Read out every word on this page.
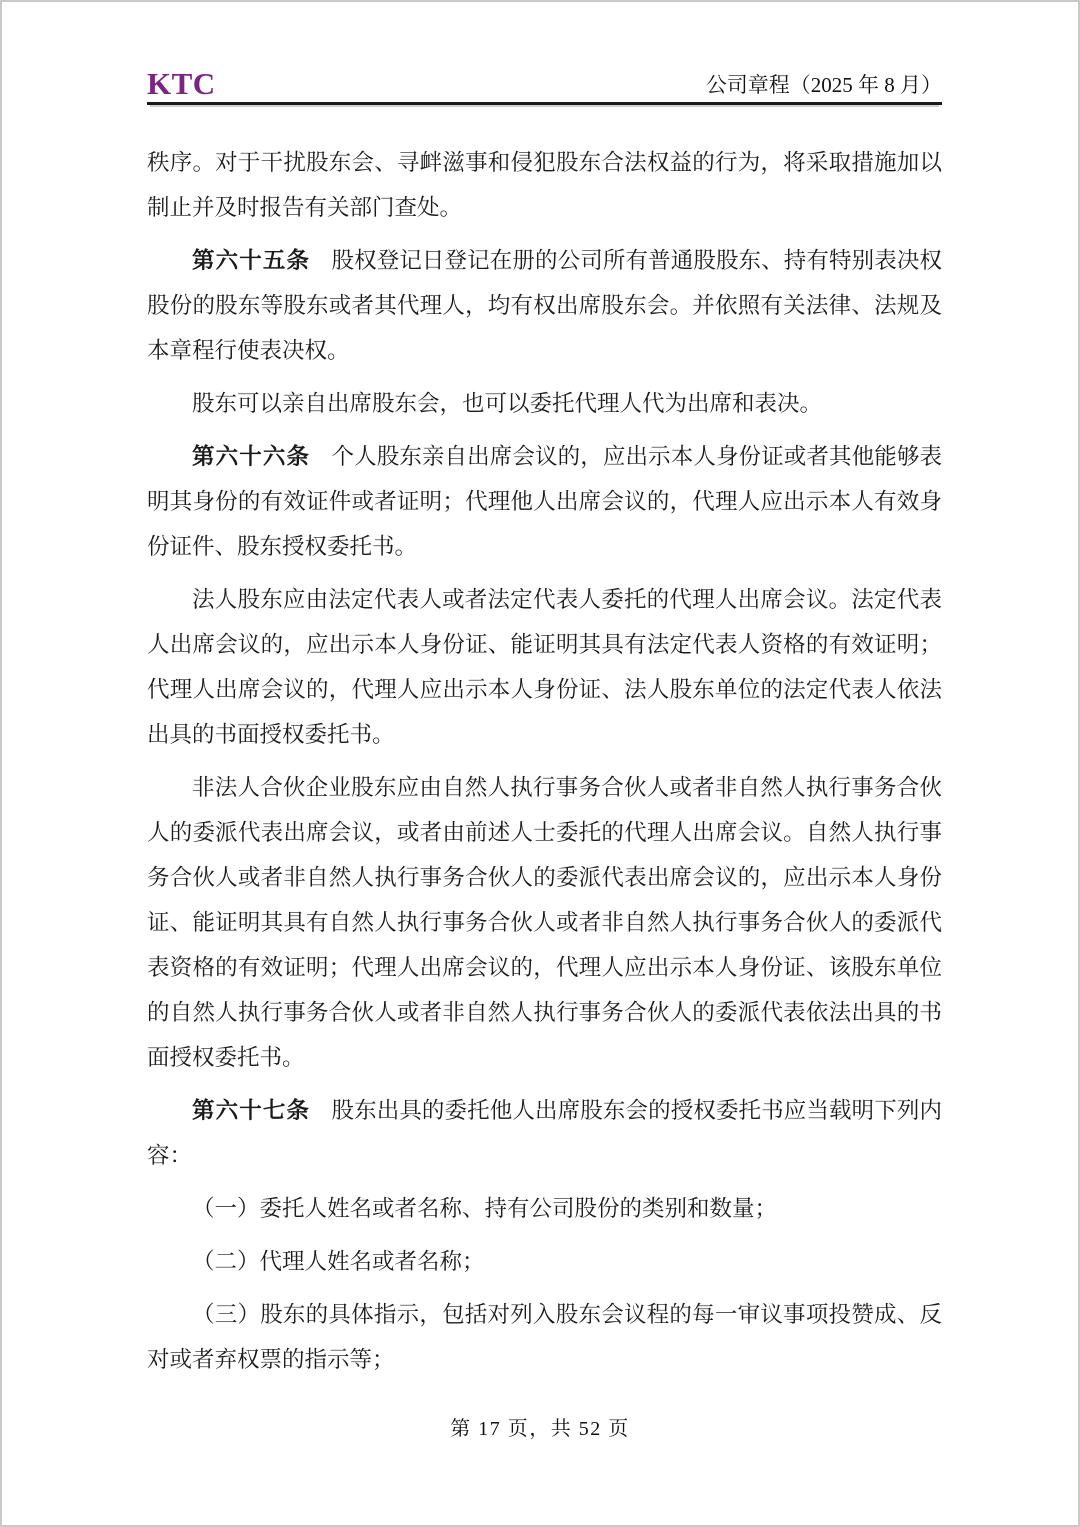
KTC	公司章程（2025 年 8 月）

秩序。对于干扰股东会、寻衅滋事和侵犯股东合法权益的行为，将采取措施加以制止并及时报告有关部门查处。

第六十五条 股权登记日登记在册的公司所有普通股股东、持有特别表决权股份的股东等股东或者其代理人，均有权出席股东会。并依照有关法律、法规及本章程行使表决权。

股东可以亲自出席股东会，也可以委托代理人代为出席和表决。

第六十六条 个人股东亲自出席会议的，应出示本人身份证或者其他能够表明其身份的有效证件或者证明；代理他人出席会议的，代理人应出示本人有效身份证件、股东授权委托书。

法人股东应由法定代表人或者法定代表人委托的代理人出席会议。法定代表人出席会议的，应出示本人身份证、能证明其具有法定代表人资格的有效证明；代理人出席会议的，代理人应出示本人身份证、法人股东单位的法定代表人依法出具的书面授权委托书。

非法人合伙企业股东应由自然人执行事务合伙人或者非自然人执行事务合伙人的委派代表出席会议，或者由前述人士委托的代理人出席会议。自然人执行事务合伙人或者非自然人执行事务合伙人的委派代表出席会议的，应出示本人身份证、能证明其具有自然人执行事务合伙人或者非自然人执行事务合伙人的委派代表资格的有效证明；代理人出席会议的，代理人应出示本人身份证、该股东单位的自然人执行事务合伙人或者非自然人执行事务合伙人的委派代表依法出具的书面授权委托书。

第六十七条 股东出具的委托他人出席股东会的授权委托书应当载明下列内容：

（一）委托人姓名或者名称、持有公司股份的类别和数量；

（二）代理人姓名或者名称；

（三）股东的具体指示，包括对列入股东会议程的每一审议事项投赞成、反对或者弃权票的指示等；

第 17 页，共 52 页
